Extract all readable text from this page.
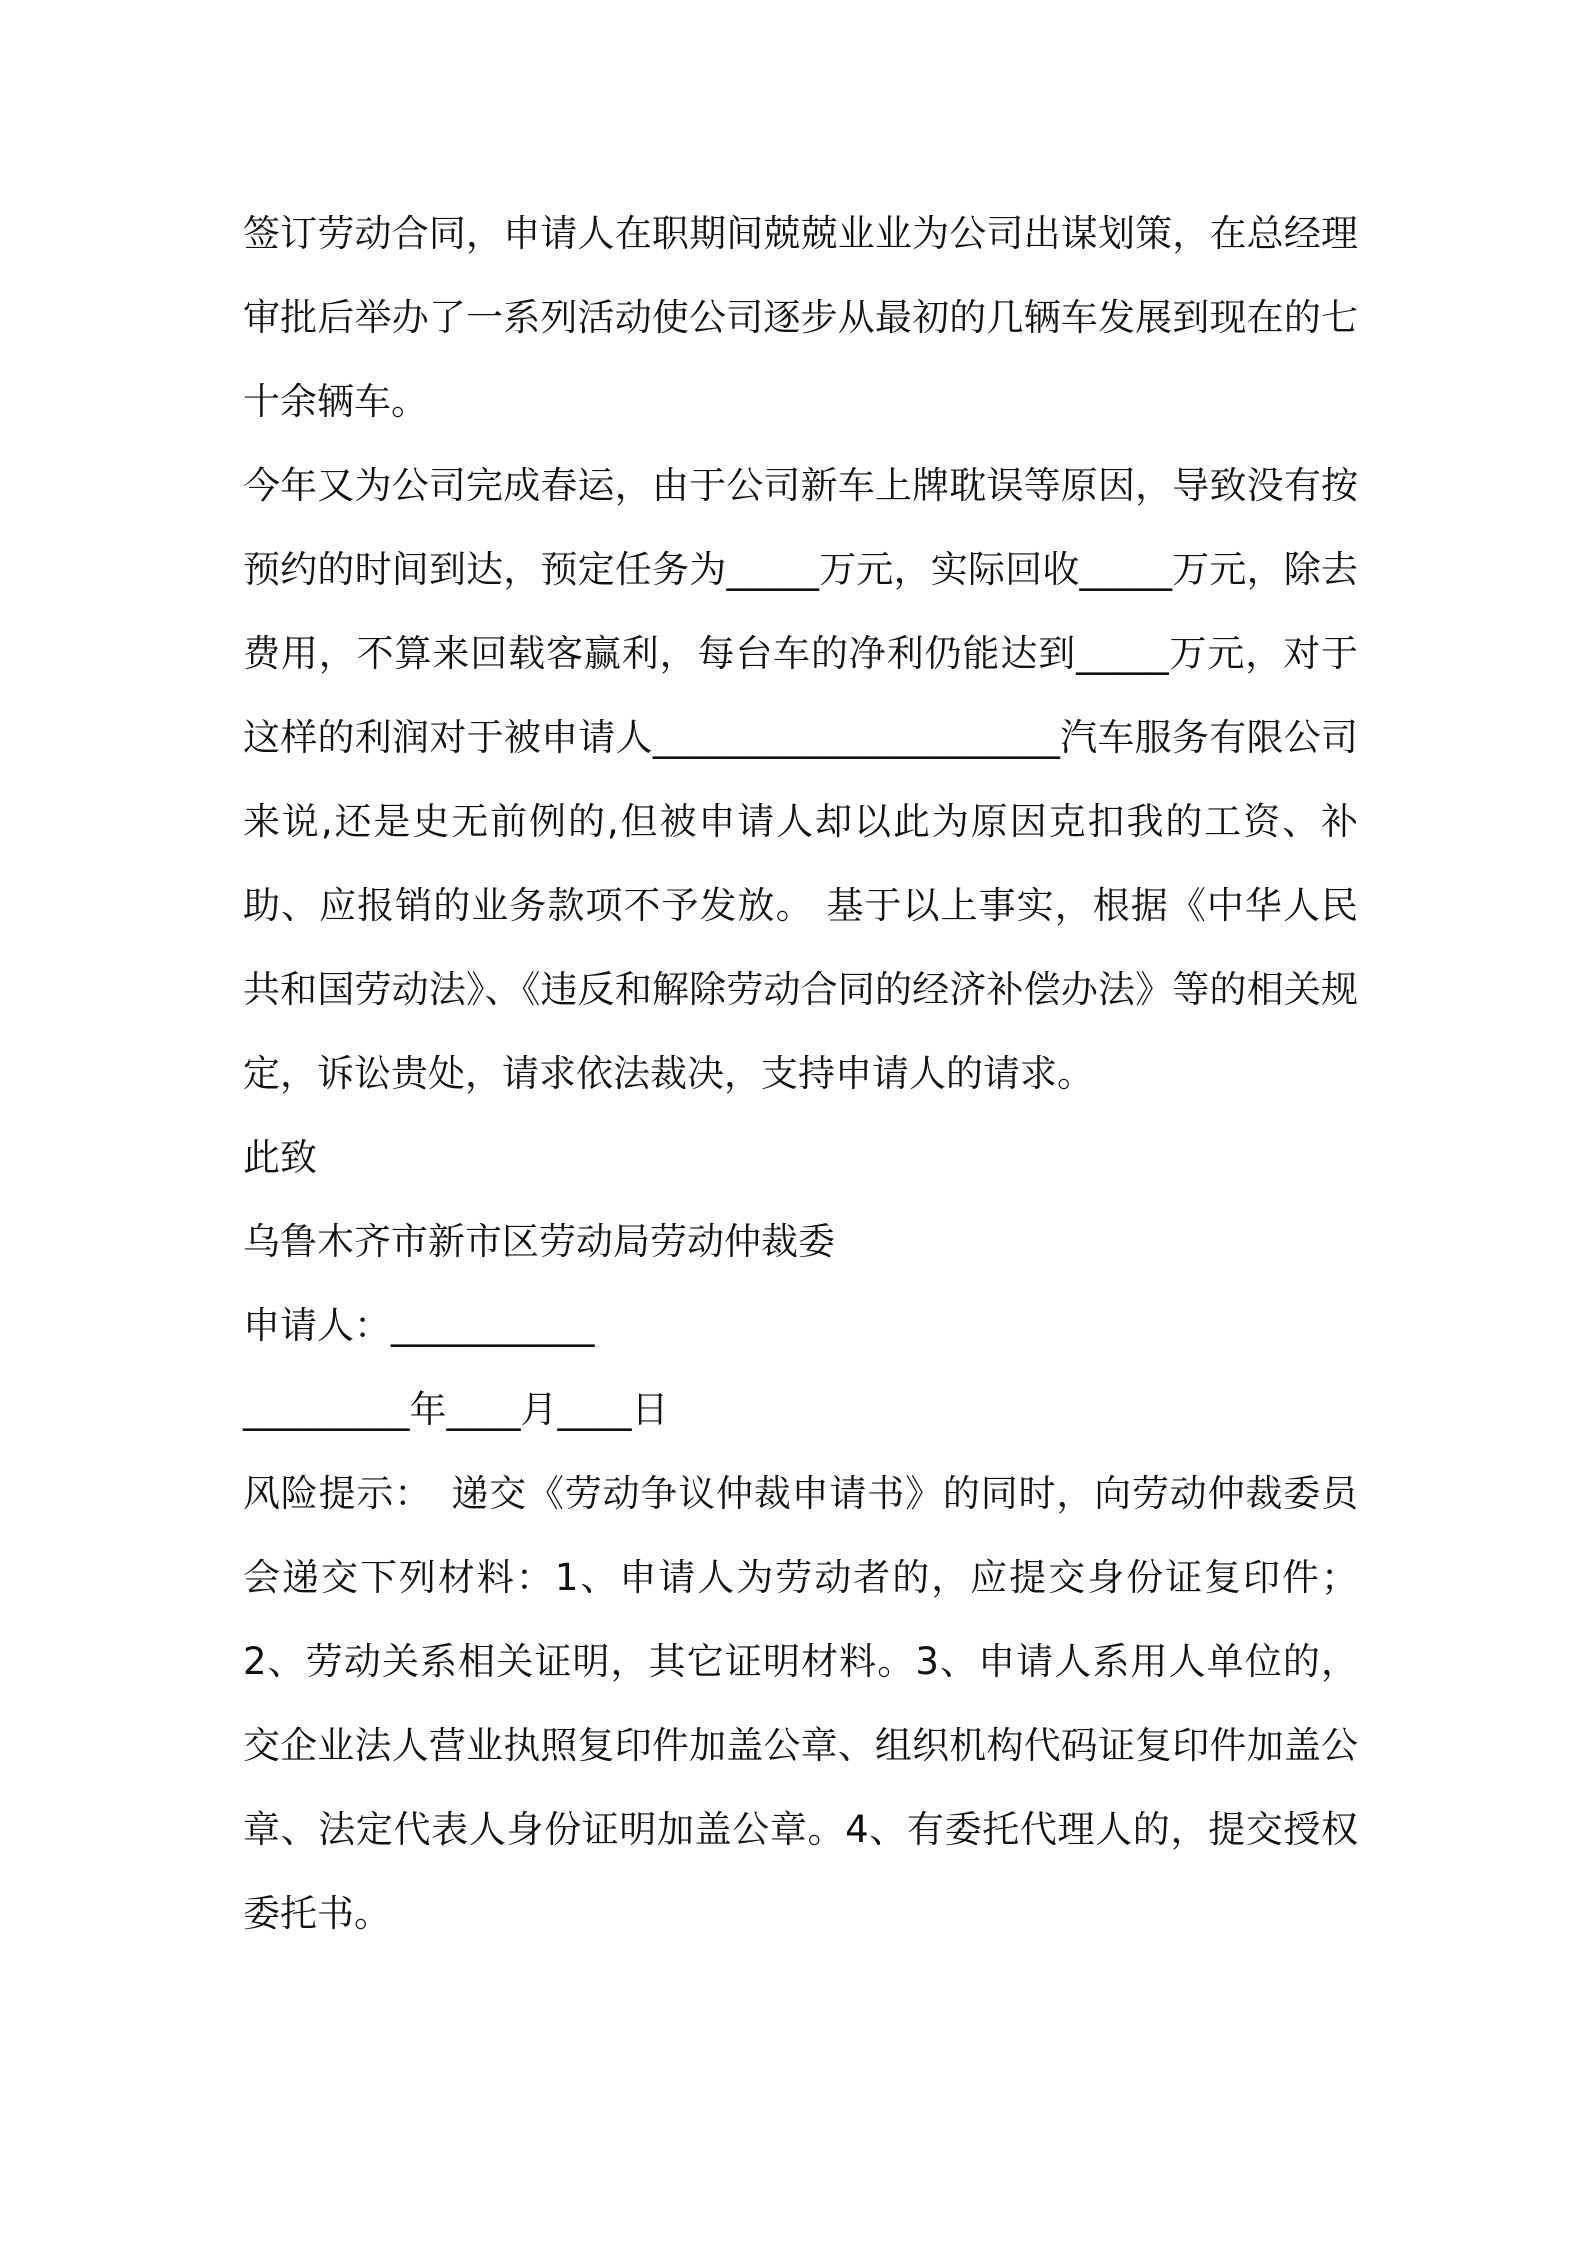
签订劳动合同，申请人在职期间兢兢业业为公司出谋划策，在总经理审批后举办了一系列活动使公司逐步从最初的几辆车发展到现在的七十余辆车。

今年又为公司完成春运，由于公司新车上牌耽误等原因，导致没有按预约的时间到达，预定任务为_____万元，实际回收_____万元，除去费用，不算来回载客赢利，每台车的净利仍能达到_____万元，对于这样的利润对于被申请人______________________汽车服务有限公司来说,还是史无前例的,但被申请人却以此为原因克扣我的工资、补助、应报销的业务款项不予发放。 基于以上事实，根据《中华人民共和国劳动法》、《违反和解除劳动合同的经济补偿办法》等的相关规定，诉讼贵处，请求依法裁决，支持申请人的请求。

此致

乌鲁木齐市新市区劳动局劳动仲裁委

申请人：___________

_________年____月____日

风险提示：　递交《劳动争议仲裁申请书》的同时，向劳动仲裁委员会递交下列材料：1、申请人为劳动者的，应提交身份证复印件；2、劳动关系相关证明，其它证明材料。3、申请人系用人单位的，交企业法人营业执照复印件加盖公章、组织机构代码证复印件加盖公章、法定代表人身份证明加盖公章。4、有委托代理人的，提交授权委托书。
